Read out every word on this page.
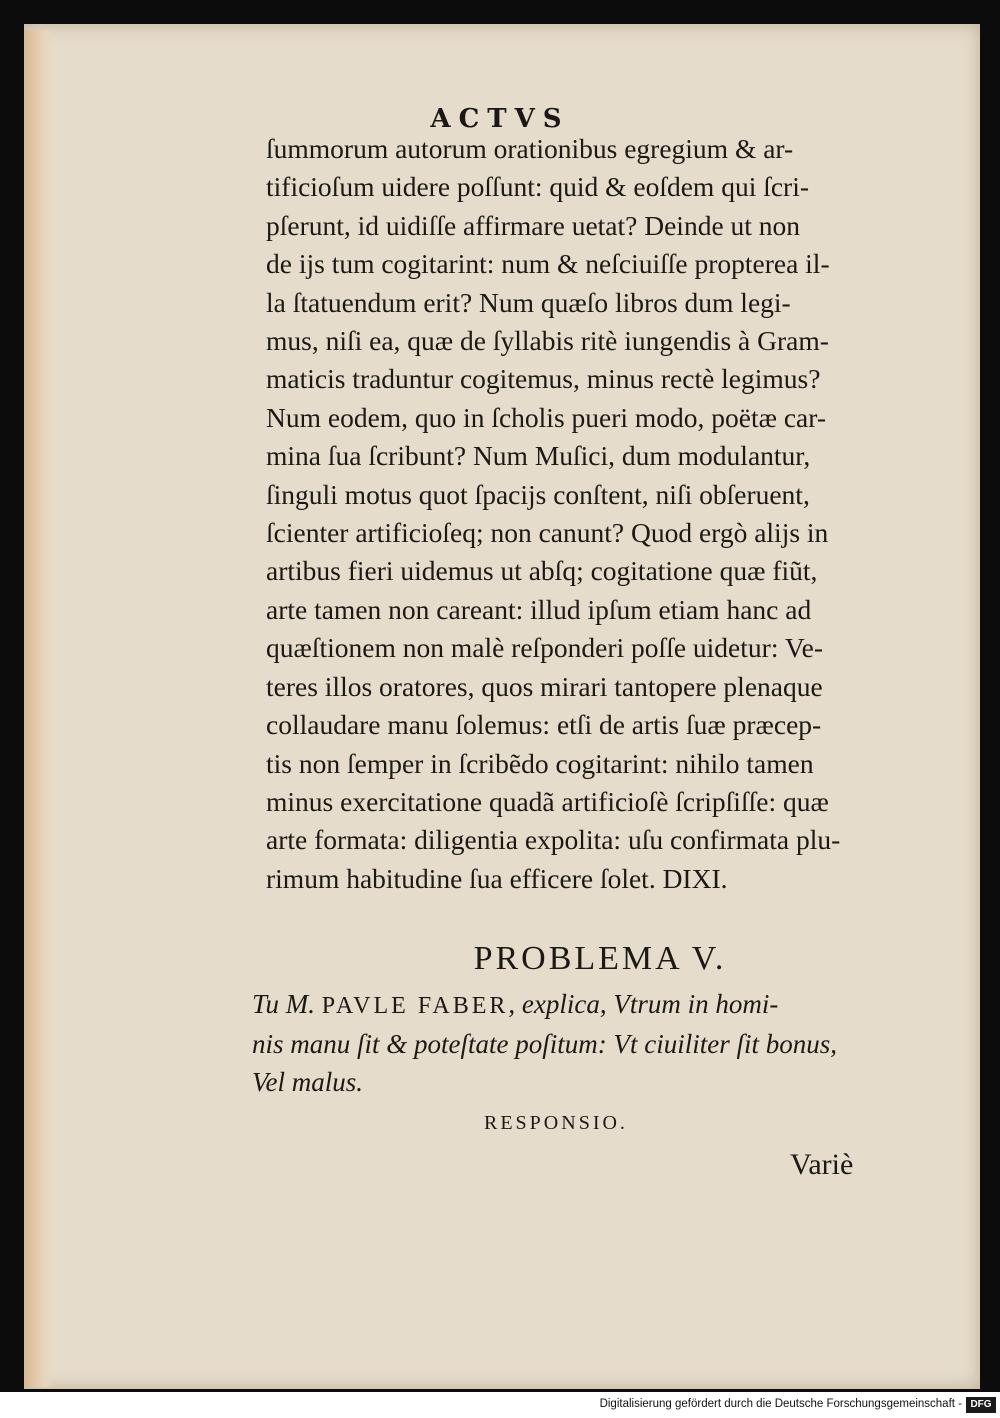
ACTVS
ſummorum autorum orationibus egregium & ar-
tificioſum uidere poſſunt: quid & eoſdem qui ſcri-
pſerunt, id uidiſſe affirmare uetat? Deinde ut non
de ijs tum cogitarint: num & neſciuiſſe propterea il-
la ſtatuendum erit? Num quæſo libros dum legi-
mus, niſi ea, quæ de ſyllabis ritè iungendis à Gram-
maticis traduntur cogitemus, minus rectè legimus?
Num eodem, quo in ſcholis pueri modo, poëtæ car-
mina ſua ſcribunt? Num Muſici, dum modulantur,
ſinguli motus quot ſpacijs conſtent, niſi obſeruent,
ſcienter artificioſeq; non canunt? Quod ergò alijs in
artibus fieri uidemus ut abſq; cogitatione quæ fiũt,
arte tamen non careant: illud ipſum etiam hanc ad
quæſtionem non malè reſponderi poſſe uidetur: Ve-
teres illos oratores, quos mirari tantopere plenaque
collaudare manu ſolemus: etſi de artis ſuæ præcep-
tis non ſemper in ſcribẽdo cogitarint: nihilo tamen
minus exercitatione quadã artificioſè ſcripſiſſe: quæ
arte formata: diligentia expolita: uſu confirmata plu-
rimum habitudine ſua efficere ſolet. DIXI.
PROBLEMA V.
Tu M. PAVLE FABER, explica, Vtrum in homi-
nis manu ſit & poteſtate poſitum: Vt ciuiliter ſit bonus,
Vel malus.
RESPONSIO.
Variè
Digitalisierung gefördert durch die Deutsche Forschungsgemeinschaft - DFG
